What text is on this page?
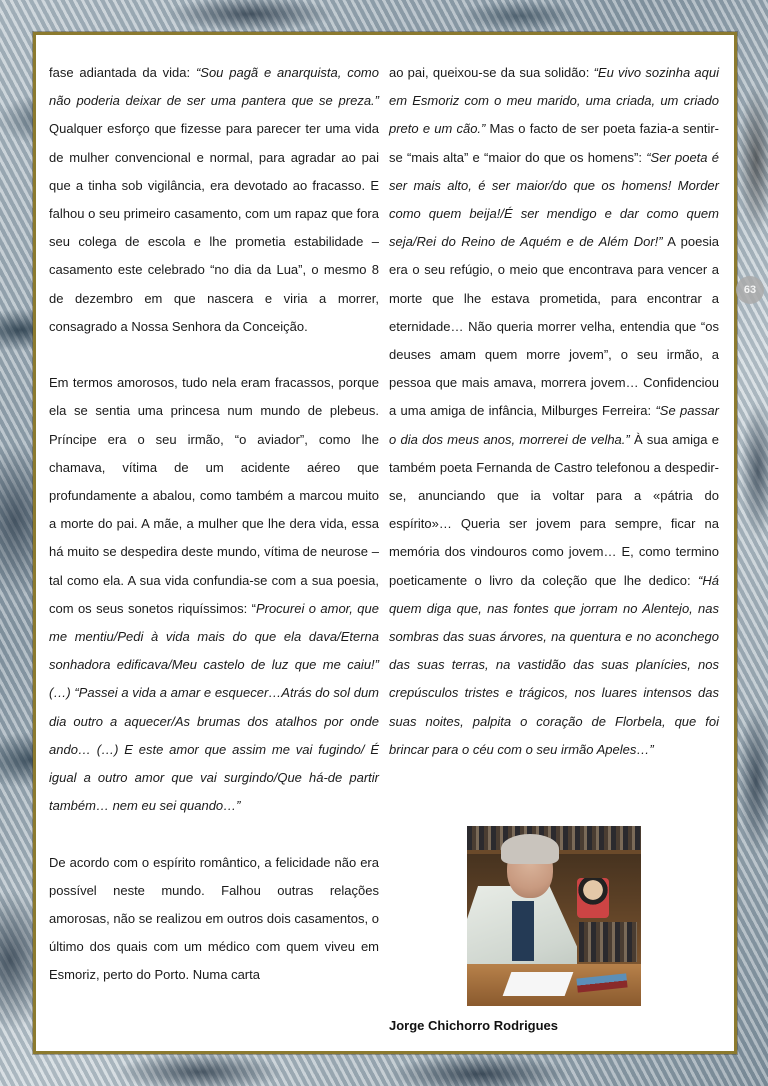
fase adiantada da vida: “Sou pagã e anarquista, como não poderia deixar de ser uma pantera que se preza.” Qualquer esforço que fizesse para parecer ter uma vida de mulher convencional e normal, para agradar ao pai que a tinha sob vigilância, era devotado ao fracasso. E falhou o seu primeiro casamento, com um rapaz que fora seu colega de escola e lhe prometia estabilidade – casamento este celebrado “no dia da Lua”, o mesmo 8 de dezembro em que nascera e viria a morrer, consagrado a Nossa Senhora da Conceição.

Em termos amorosos, tudo nela eram fracassos, porque ela se sentia uma princesa num mundo de plebeus. Príncipe era o seu irmão, “o aviador”, como lhe chamava, vítima de um acidente aéreo que profundamente a abalou, como também a marcou muito a morte do pai. A mãe, a mulher que lhe dera vida, essa há muito se despedira deste mundo, vítima de neurose – tal como ela. A sua vida confundia-se com a sua poesia, com os seus sonetos riquíssimos: “Procurei o amor, que me mentiu/Pedi à vida mais do que ela dava/Eterna sonhadora edificava/Meu castelo de luz que me caiu!” (…) “Passei a vida a amar e esquecer…Atrás do sol dum dia outro a aquecer/As brumas dos atalhos por onde ando… (…) E este amor que assim me vai fugindo/ É igual a outro amor que vai surgindo/Que há-de partir também… nem eu sei quando…”

De acordo com o espírito romântico, a felicidade não era possível neste mundo. Falhou outras relações amorosas, não se realizou em outros dois casamentos, o último dos quais com um médico com quem viveu em Esmoriz, perto do Porto. Numa carta

ao pai, queixou-se da sua solidão: “Eu vivo sozinha aqui em Esmoriz com o meu marido, uma criada, um criado preto e um cão.” Mas o facto de ser poeta fazia-a sentir-se “mais alta” e “maior do que os homens”: “Ser poeta é ser mais alto, é ser maior/do que os homens! Morder como quem beija!/É ser mendigo e dar como quem seja/Rei do Reino de Aquém e de Além Dor!” A poesia era o seu refúgio, o meio que encontrava para vencer a morte que lhe estava prometida, para encontrar a eternidade… Não queria morrer velha, entendia que “os deuses amam quem morre jovem”, o seu irmão, a pessoa que mais amava, morrera jovem… Confidenciou a uma amiga de infância, Milburges Ferreira: “Se passar o dia dos meus anos, morrerei de velha.” À sua amiga e também poeta Fernanda de Castro telefonou a despedir-se, anunciando que ia voltar para a «pátria do espírito»… Queria ser jovem para sempre, ficar na memória dos vindouros como jovem… E, como termino poeticamente o livro da coleção que lhe dedico: “Há quem diga que, nas fontes que jorram no Alentejo, nas sombras das suas árvores, na quentura e no aconchego das suas terras, na vastidão das suas planícies, nos crepúsculos tristes e trágicos, nos luares intensos das suas noites, palpita o coração de Florbela, que foi brincar para o céu com o seu irmão Apeles…”

Jorge Chichorro Rodrigues
63
